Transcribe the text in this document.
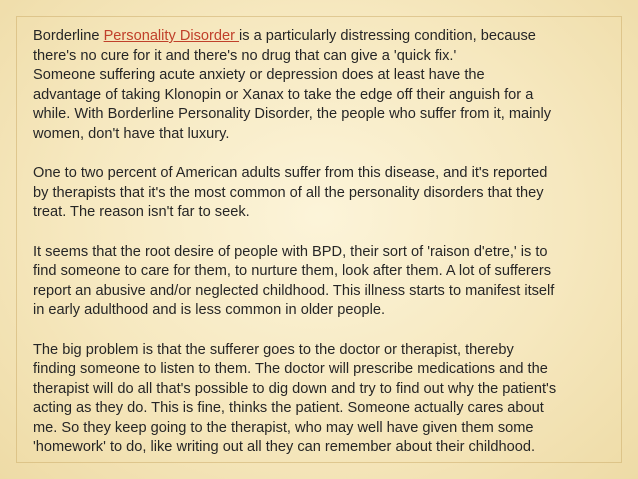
Borderline Personality Disorder is a particularly distressing condition, because
there's no cure for it and there's no drug that can give a 'quick fix.'
Someone suffering acute anxiety or depression does at least have the
advantage of taking Klonopin or Xanax to take the edge off their anguish for a
while. With Borderline Personality Disorder, the people who suffer from it, mainly
women, don't have that luxury.

One to two percent of American adults suffer from this disease, and it's reported
by therapists that it's the most common of all the personality disorders that they
treat. The reason isn't far to seek.

It seems that the root desire of people with BPD, their sort of 'raison d'etre,' is to
find someone to care for them, to nurture them, look after them. A lot of sufferers
report an abusive and/or neglected childhood. This illness starts to manifest itself
in early adulthood and is less common in older people.

The big problem is that the sufferer goes to the doctor or therapist, thereby
finding someone to listen to them. The doctor will prescribe medications and the
therapist will do all that's possible to dig down and try to find out why the patient's
acting as they do. This is fine, thinks the patient. Someone actually cares about
me. So they keep going to the therapist, who may well have given them some
'homework' to do, like writing out all they can remember about their childhood.
